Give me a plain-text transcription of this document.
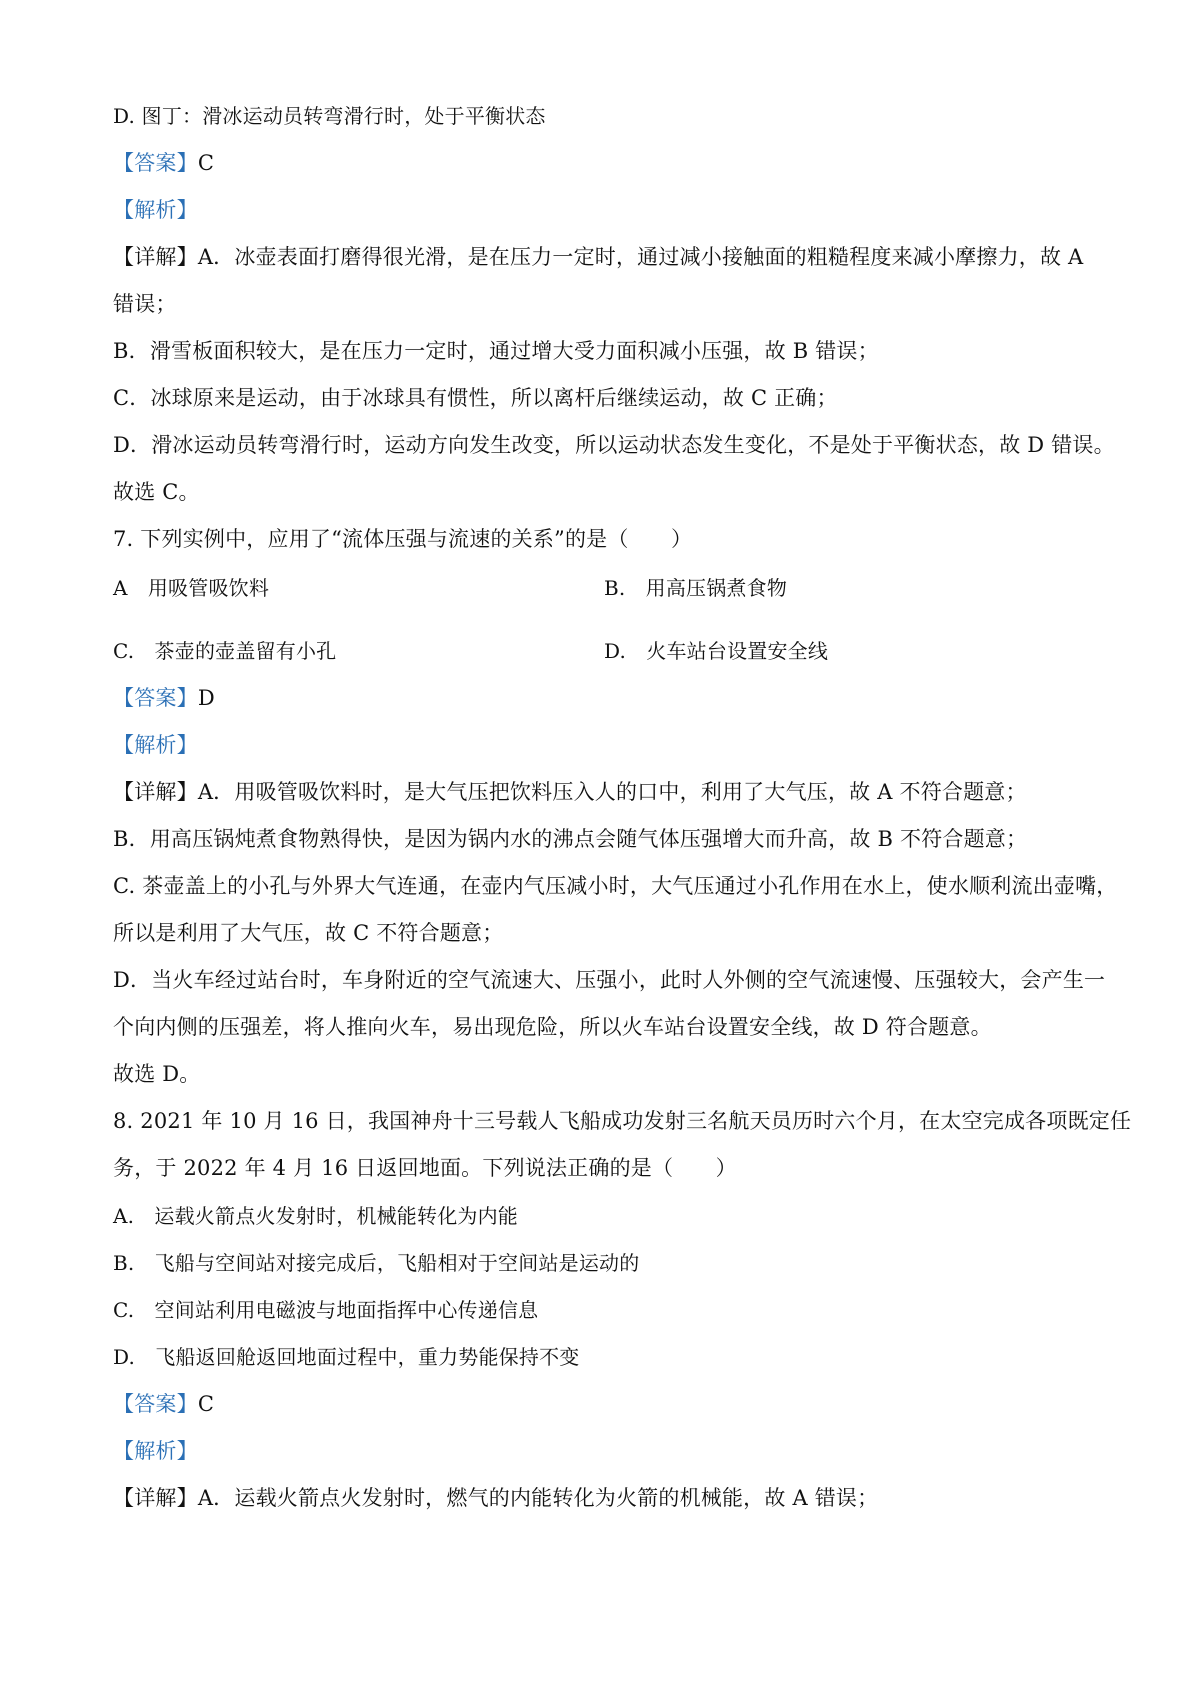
D. 图丁：滑冰运动员转弯滑行时，处于平衡状态
【答案】C
【解析】
【详解】A．冰壶表面打磨得很光滑，是在压力一定时，通过减小接触面的粗糙程度来减小摩擦力，故 A
错误；
B．滑雪板面积较大，是在压力一定时，通过增大受力面积减小压强，故 B 错误；
C．冰球原来是运动，由于冰球具有惯性，所以离杆后继续运动，故 C 正确；
D．滑冰运动员转弯滑行时，运动方向发生改变，所以运动状态发生变化，不是处于平衡状态，故 D 错误。
故选 C。
7. 下列实例中，应用了“流体压强与流速的关系”的是（　　）
A　用吸管吸饮料	B.　用高压锅煮食物
C.　茶壶的壶盖留有小孔	D.　火车站台设置安全线
【答案】D
【解析】
【详解】A．用吸管吸饮料时，是大气压把饮料压入人的口中，利用了大气压，故 A 不符合题意；
B．用高压锅炖煮食物熟得快，是因为锅内水的沸点会随气体压强增大而升高，故 B 不符合题意；
C. 茶壶盖上的小孔与外界大气连通，在壶内气压减小时，大气压通过小孔作用在水上，使水顺利流出壶嘴，
所以是利用了大气压，故 C 不符合题意；
D．当火车经过站台时，车身附近的空气流速大、压强小，此时人外侧的空气流速慢、压强较大，会产生一
个向内侧的压强差，将人推向火车，易出现危险，所以火车站台设置安全线，故 D 符合题意。
故选 D。
8. 2021 年 10 月 16 日，我国神舟十三号载人飞船成功发射三名航天员历时六个月，在太空完成各项既定任
务，于 2022 年 4 月 16 日返回地面。下列说法正确的是（　　）
A.　运载火箭点火发射时，机械能转化为内能
B.　飞船与空间站对接完成后，飞船相对于空间站是运动的
C.　空间站利用电磁波与地面指挥中心传递信息
D.　飞船返回舱返回地面过程中，重力势能保持不变
【答案】C
【解析】
【详解】A．运载火箭点火发射时，燃气的内能转化为火箭的机械能，故 A 错误；
